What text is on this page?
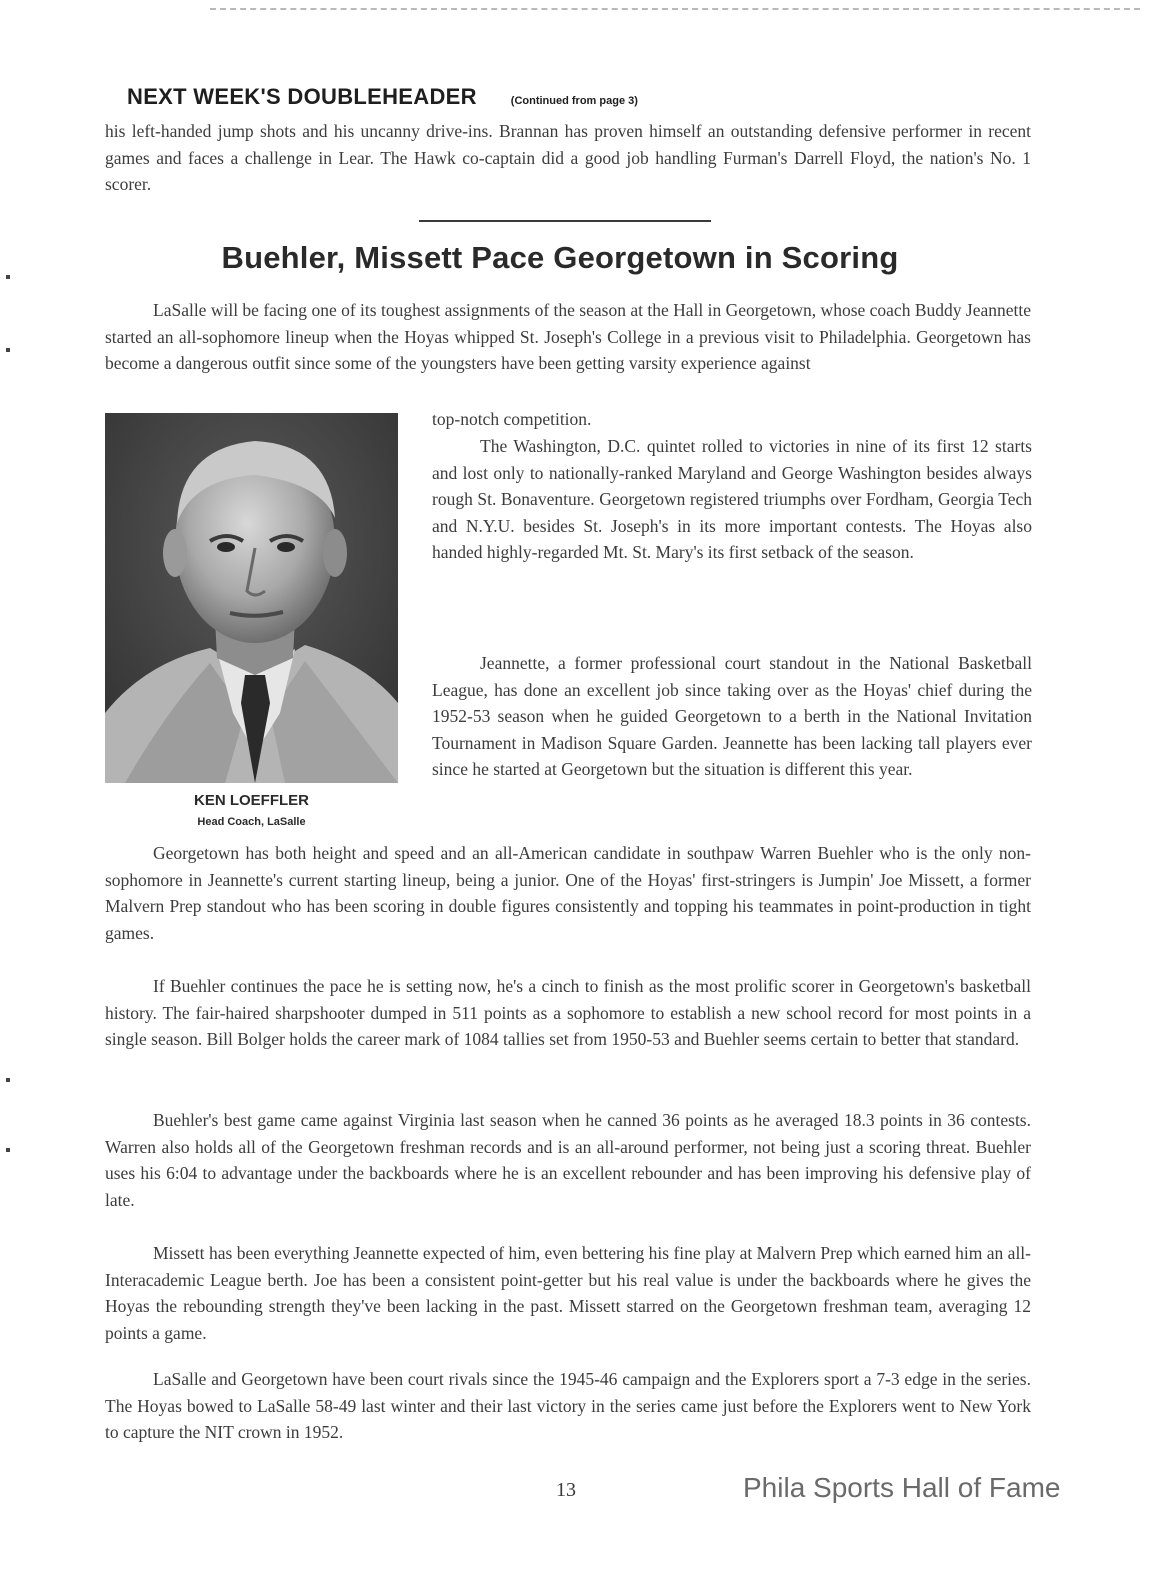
NEXT WEEK'S DOUBLEHEADER	(Continued from page 3)

his left-handed jump shots and his uncanny drive-ins. Brannan has proven himself an outstanding defensive performer in recent games and faces a challenge in Lear. The Hawk co-captain did a good job handling Furman's Darrell Floyd, the nation's No. 1 scorer.

Buehler, Missett Pace Georgetown in Scoring

LaSalle will be facing one of its toughest assignments of the season at the Hall in Georgetown, whose coach Buddy Jeannette started an all-sophomore lineup when the Hoyas whipped St. Joseph's College in a previous visit to Philadelphia. Georgetown has become a dangerous outfit since some of the youngsters have been getting varsity experience against

KEN LOEFFLER
Head Coach, LaSalle

top-notch competition.

The Washington, D.C. quintet rolled to victories in nine of its first 12 starts and lost only to nationally-ranked Maryland and George Washington besides always rough St. Bonaventure. Georgetown registered triumphs over Fordham, Georgia Tech and N.Y.U. besides St. Joseph's in its more important contests. The Hoyas also handed highly-regarded Mt. St. Mary's its first setback of the season.

Jeannette, a former professional court standout in the National Basketball League, has done an excellent job since taking over as the Hoyas' chief during the 1952-53 season when he guided Georgetown to a berth in the National Invitation Tournament in Madison Square Garden. Jeannette has been lacking tall players ever since he started at Georgetown but the situation is different this year.

Georgetown has both height and speed and an all-American candidate in southpaw Warren Buehler who is the only non-sophomore in Jeannette's current starting lineup, being a junior. One of the Hoyas' first-stringers is Jumpin' Joe Missett, a former Malvern Prep standout who has been scoring in double figures consistently and topping his teammates in point-production in tight games.

If Buehler continues the pace he is setting now, he's a cinch to finish as the most prolific scorer in Georgetown's basketball history. The fair-haired sharpshooter dumped in 511 points as a sophomore to establish a new school record for most points in a single season. Bill Bolger holds the career mark of 1084 tallies set from 1950-53 and Buehler seems certain to better that standard.

Buehler's best game came against Virginia last season when he canned 36 points as he averaged 18.3 points in 36 contests. Warren also holds all of the Georgetown freshman records and is an all-around performer, not being just a scoring threat. Buehler uses his 6:04 to advantage under the backboards where he is an excellent rebounder and has been improving his defensive play of late.

Missett has been everything Jeannette expected of him, even bettering his fine play at Malvern Prep which earned him an all-Interacademic League berth. Joe has been a consistent point-getter but his real value is under the backboards where he gives the Hoyas the rebounding strength they've been lacking in the past. Missett starred on the Georgetown freshman team, averaging 12 points a game.

LaSalle and Georgetown have been court rivals since the 1945-46 campaign and the Explorers sport a 7-3 edge in the series. The Hoyas bowed to LaSalle 58-49 last winter and their last victory in the series came just before the Explorers went to New York to capture the NIT crown in 1952.

13	Phila Sports Hall of Fame
